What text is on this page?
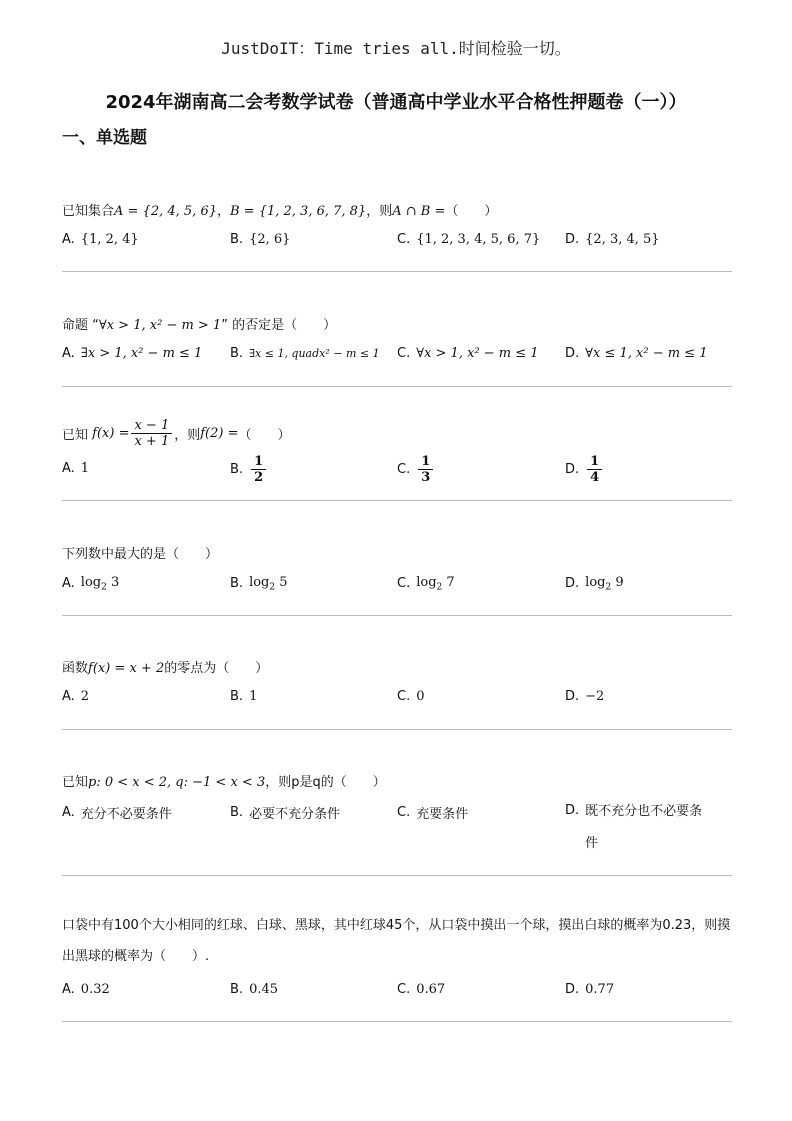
JustDoIT：Time tries all.时间检验一切。
2024年湖南高二会考数学试卷（普通高中学业水平合格性押题卷（一））
一、单选题
已知集合A = {2, 4, 5, 6}，B = {1, 2, 3, 6, 7, 8}，则A ∩ B =（　　）
A. {1, 2, 4}	B. {2, 6}	C. {1, 2, 3, 4, 5, 6, 7} D. {2, 3, 4, 5}
命题 “∀x > 1, x² − m > 1” 的否定是（　　）
A. ∃x > 1, x² − m ≤ 1 B. ∃x ≤ 1, quadx² − m ≤ 1 C. ∀x > 1, x² − m ≤ 1 D. ∀x ≤ 1, x² − m ≤ 1
已知
$f(x) = \frac{x - 1}{x + 1}$ ，则 f(2) = （　　）
A. 1	B. $\frac{1}{2}$	C. $\frac{1}{3}$	D. $\frac{1}{4}$
下列数中最大的是（　　）
A. $\log_2 3$	B. $\log_2 5$	C. $\log_2 7$	D. $\log_2 9$
函数f(x) = x + 2的零点为（　　）
A. 2	B. 1	C. 0	D. −2
已知p: 0 < x < 2, q: −1 < x < 3，则p是q的（　　）
A. 充分不必要条件	B. 必要不充分条件	C. 充要条件	D. 既不充分也不必要条件
口袋中有100个大小相同的红球、白球、黑球，其中红球45个，从口袋中摸出一个球，摸出白球的概率为0.23，则摸出黑球的概率为（　　）.
A. 0.32	B. 0.45	C. 0.67	D. 0.77
